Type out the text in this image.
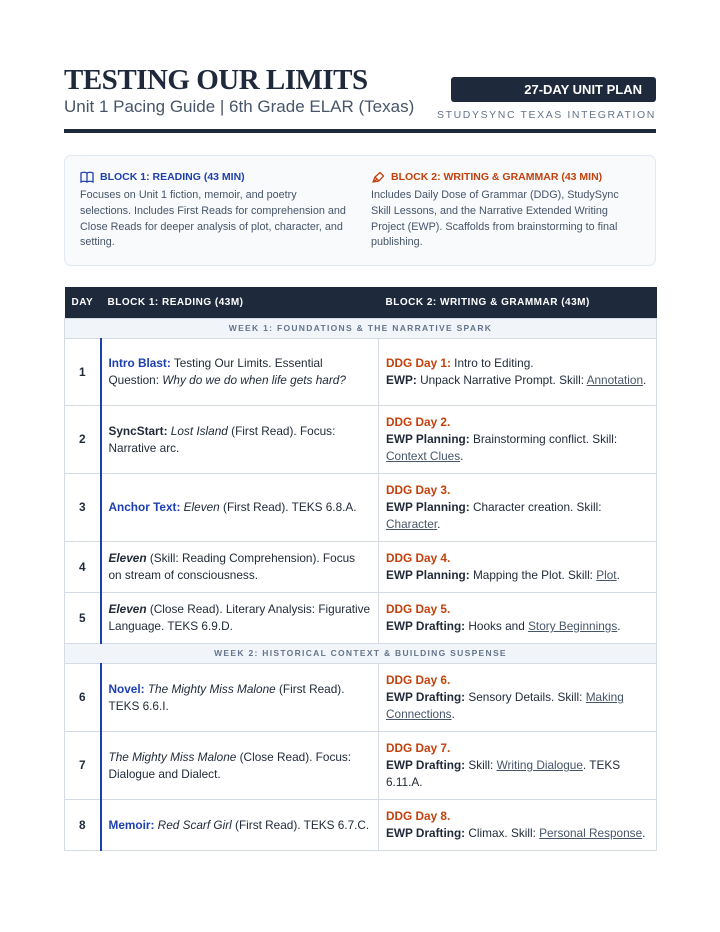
TESTING OUR LIMITS
Unit 1 Pacing Guide | 6th Grade ELAR (Texas)
27-DAY UNIT PLAN
STUDYSYNC TEXAS INTEGRATION
BLOCK 1: READING (43 MIN)
Focuses on Unit 1 fiction, memoir, and poetry selections. Includes First Reads for comprehension and Close Reads for deeper analysis of plot, character, and setting.
BLOCK 2: WRITING & GRAMMAR (43 MIN)
Includes Daily Dose of Grammar (DDG), StudySync Skill Lessons, and the Narrative Extended Writing Project (EWP). Scaffolds from brainstorming to final publishing.
DAY	BLOCK 1: READING (43M)	BLOCK 2: WRITING & GRAMMAR (43M)
WEEK 1: FOUNDATIONS & THE NARRATIVE SPARK		
1	Intro Blast: Testing Our Limits. Essential Question: Why do we do when life gets hard?	DDG Day 1: Intro to Editing.
EWP: Unpack Narrative Prompt. Skill: Annotation.
2	SyncStart: Lost Island (First Read). Focus: Narrative arc.	DDG Day 2.
EWP Planning: Brainstorming conflict. Skill: Context Clues.
3	Anchor Text: Eleven (First Read). TEKS 6.8.A.	DDG Day 3.
EWP Planning: Character creation. Skill: Character.
4	Eleven (Skill: Reading Comprehension). Focus on stream of consciousness.	DDG Day 4.
EWP Planning: Mapping the Plot. Skill: Plot.
5	Eleven (Close Read). Literary Analysis: Figurative Language. TEKS 6.9.D.	DDG Day 5.
EWP Drafting: Hooks and Story Beginnings.
WEEK 2: HISTORICAL CONTEXT & BUILDING SUSPENSE		
6	Novel: The Mighty Miss Malone (First Read). TEKS 6.6.I.	DDG Day 6.
EWP Drafting: Sensory Details. Skill: Making Connections.
7	The Mighty Miss Malone (Close Read). Focus: Dialogue and Dialect.	DDG Day 7.
EWP Drafting: Skill: Writing Dialogue. TEKS 6.11.A.
8	Memoir: Red Scarf Girl (First Read). TEKS 6.7.C.	DDG Day 8.
EWP Drafting: Climax. Skill: Personal Response.
